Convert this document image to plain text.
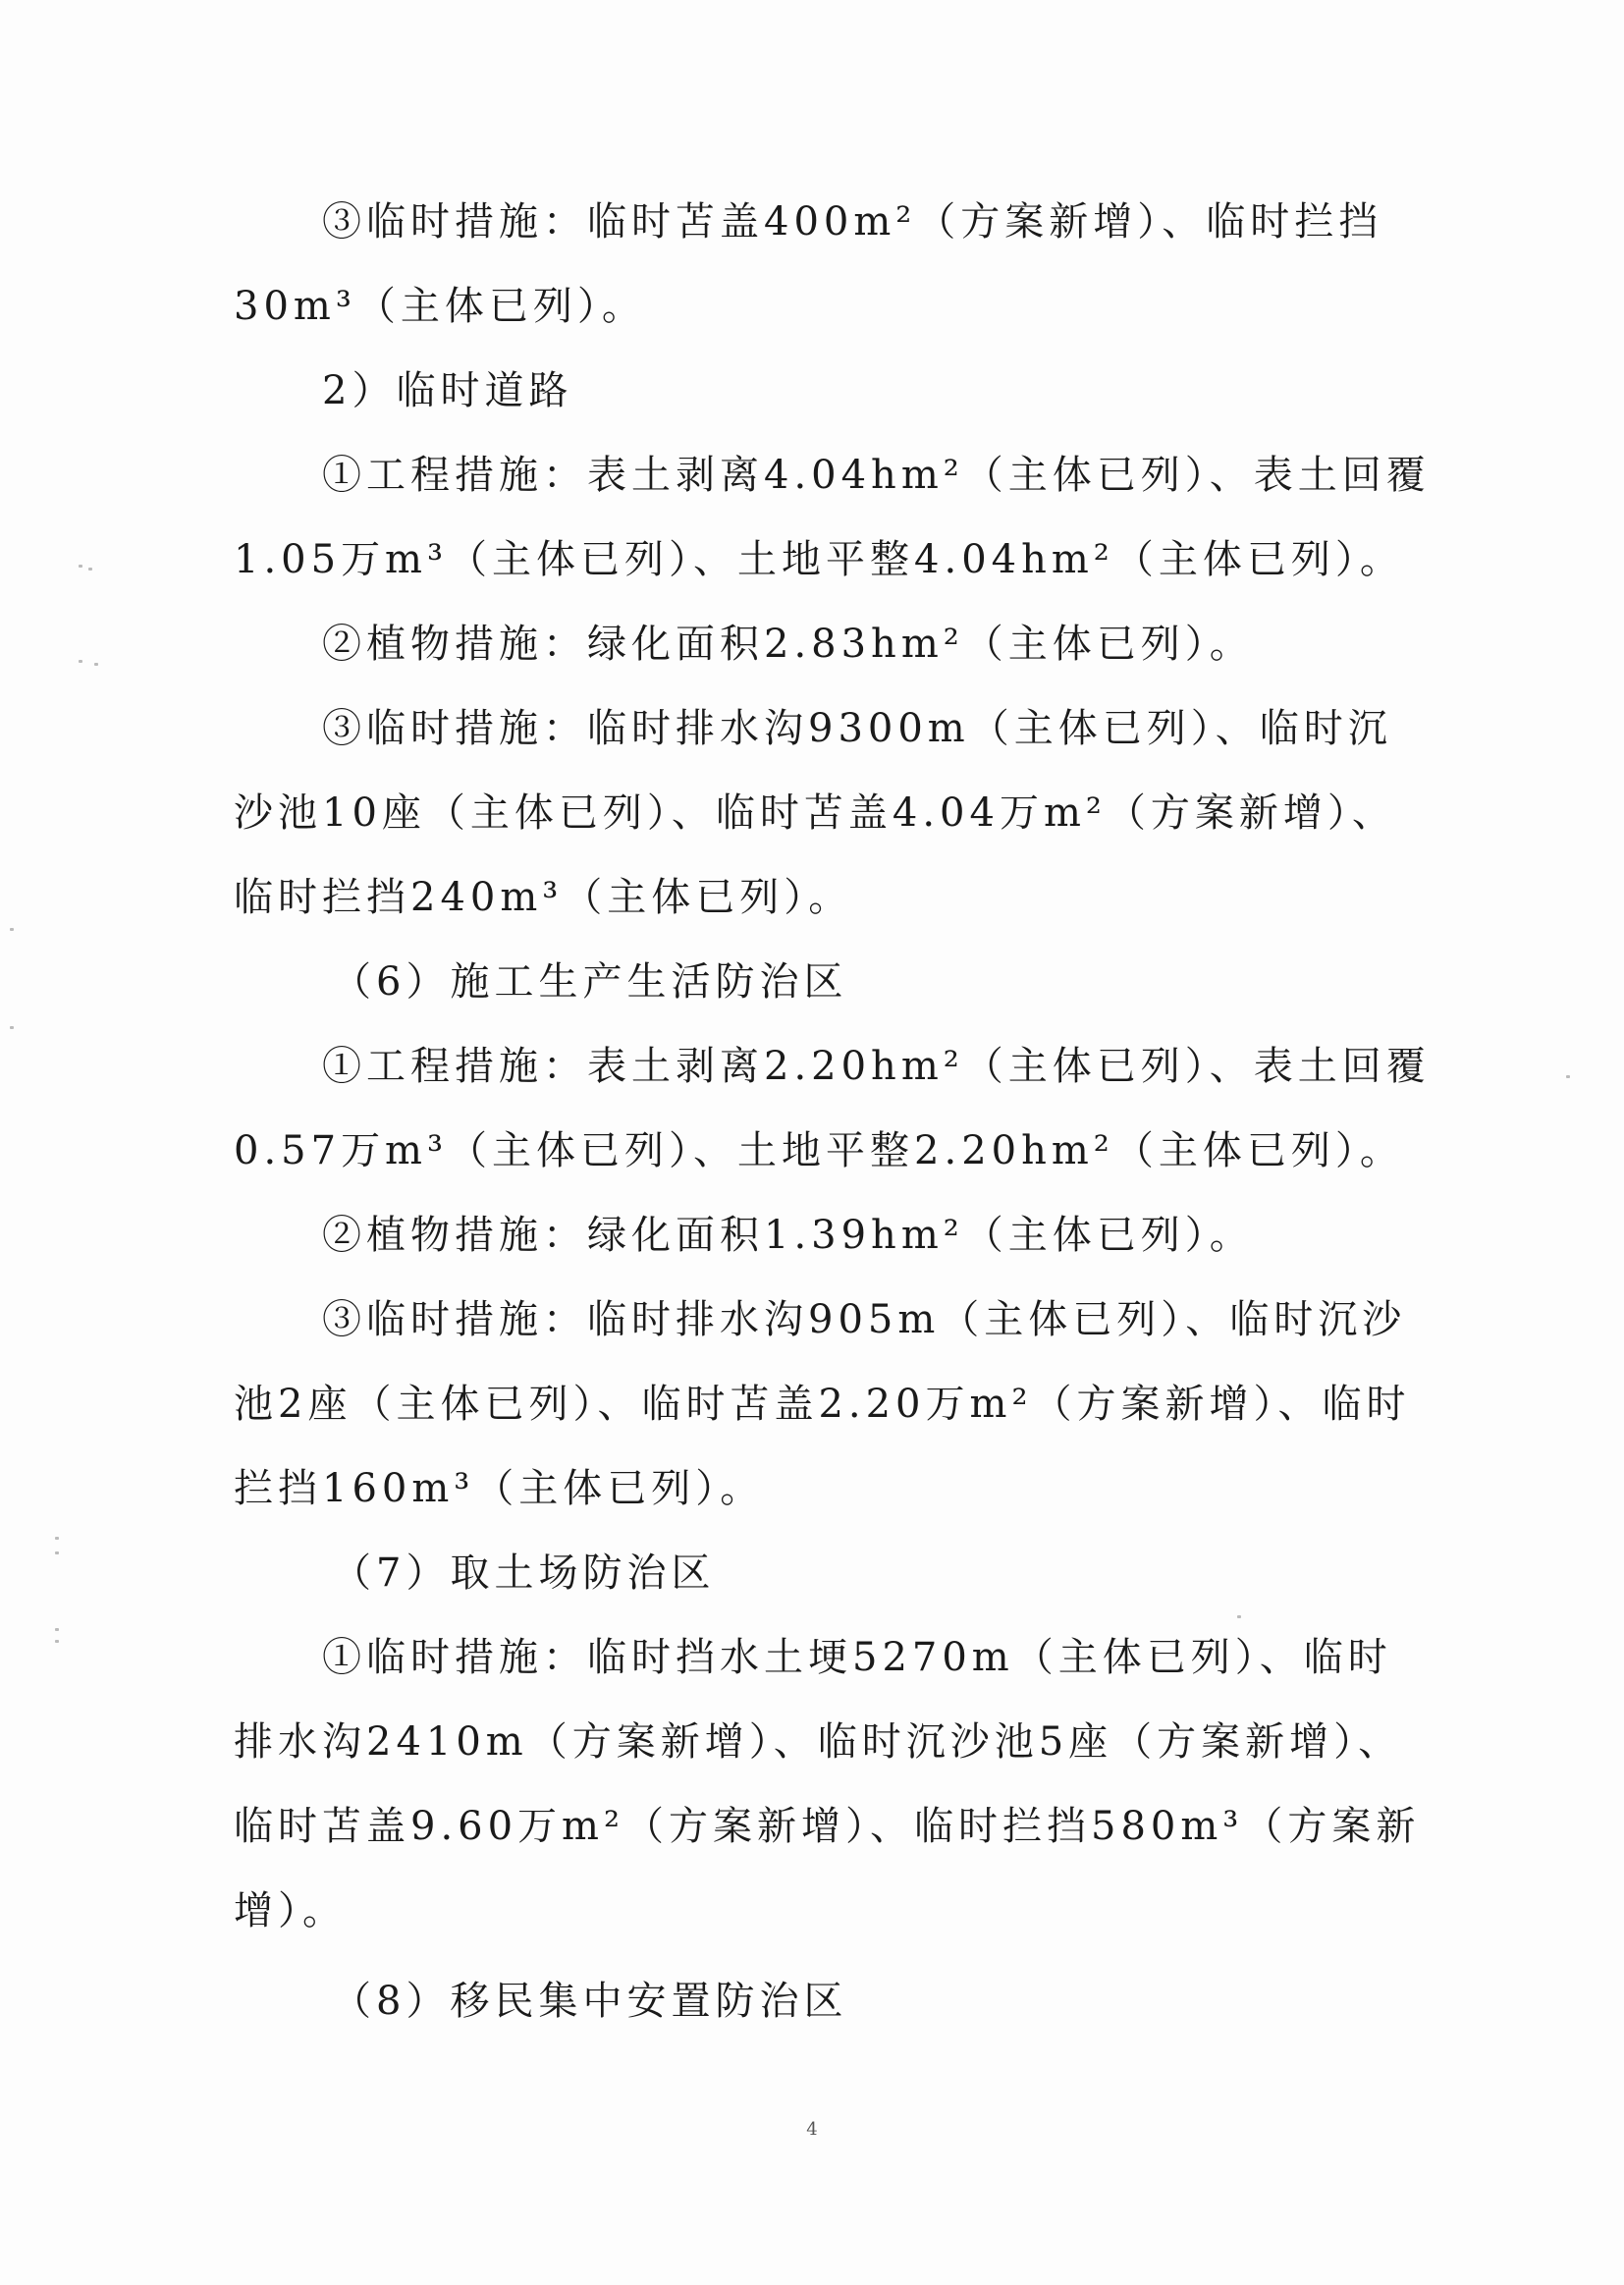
③临时措施：临时苫盖400m²（方案新增）、临时拦挡
30m³（主体已列）。
2）临时道路
①工程措施：表土剥离4.04hm²（主体已列）、表土回覆
1.05万m³（主体已列）、土地平整4.04hm²（主体已列）。
②植物措施：绿化面积2.83hm²（主体已列）。
③临时措施：临时排水沟9300m（主体已列）、临时沉
沙池10座（主体已列）、临时苫盖4.04万m²（方案新增）、
临时拦挡240m³（主体已列）。
（6）施工生产生活防治区
①工程措施：表土剥离2.20hm²（主体已列）、表土回覆
0.57万m³（主体已列）、土地平整2.20hm²（主体已列）。
②植物措施：绿化面积1.39hm²（主体已列）。
③临时措施：临时排水沟905m（主体已列）、临时沉沙
池2座（主体已列）、临时苫盖2.20万m²（方案新增）、临时
拦挡160m³（主体已列）。
（7）取土场防治区
①临时措施：临时挡水土埂5270m（主体已列）、临时
排水沟2410m（方案新增）、临时沉沙池5座（方案新增）、
临时苫盖9.60万m²（方案新增）、临时拦挡580m³（方案新
增）。
（8）移民集中安置防治区
4
